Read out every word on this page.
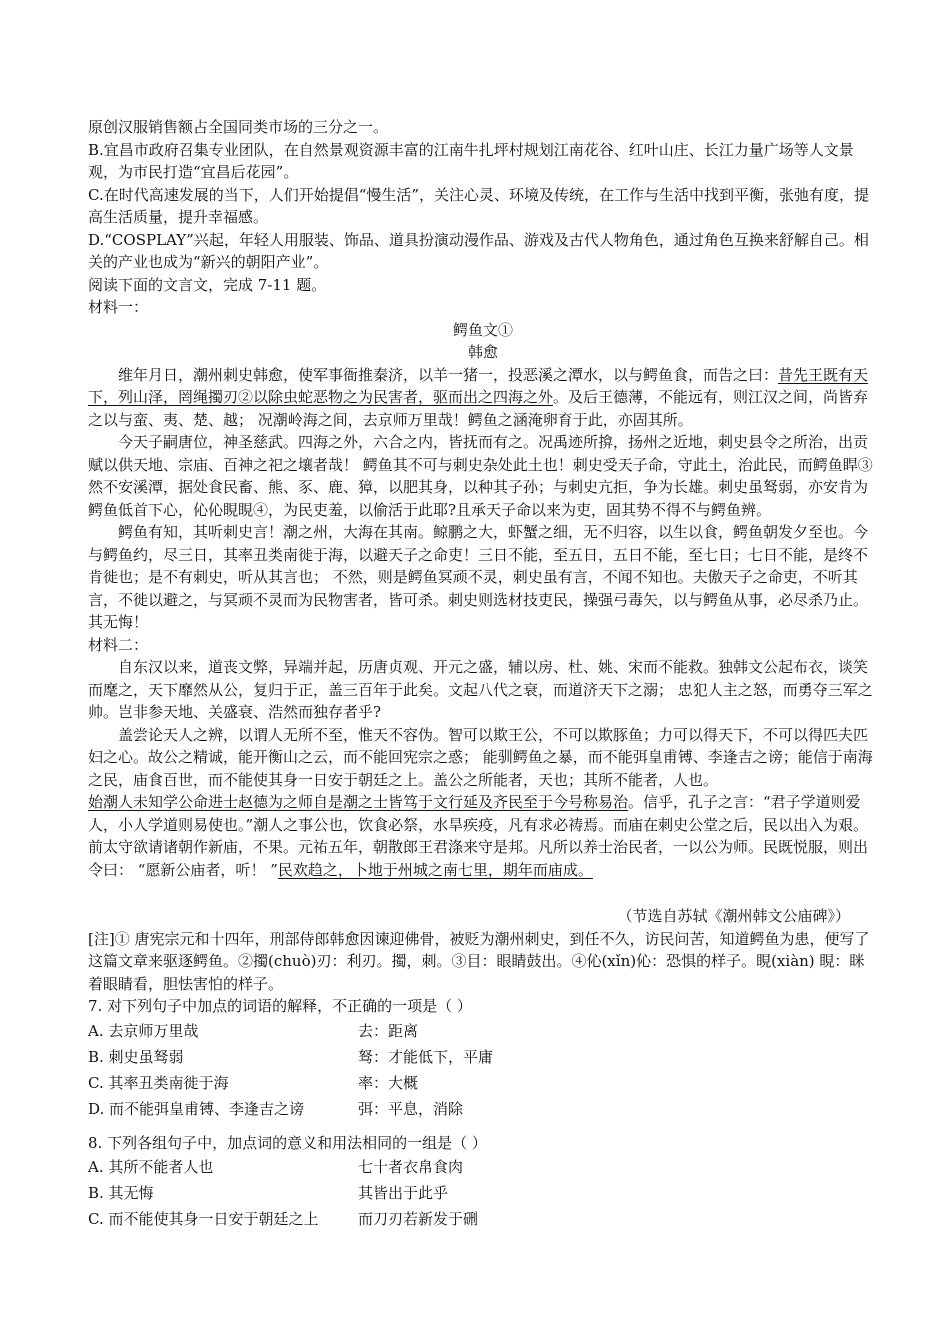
原创汉服销售额占全国同类市场的三分之一。

B.宜昌市政府召集专业团队，在自然景观资源丰富的江南牛扎坪村规划江南花谷、红叶山庄、长江力量广场等人文景观，为市民打造“宜昌后花园”。

C.在时代高速发展的当下，人们开始提倡“慢生活”，关注心灵、环境及传统，在工作与生活中找到平衡，张弛有度，提高生活质量，提升幸福感。

D.“COSPLAY”兴起，年轻人用服装、饰品、道具扮演动漫作品、游戏及古代人物角色，通过角色互换来舒解自己。相关的产业也成为“新兴的朝阳产业”。

阅读下面的文言文，完成 7-11 题。

材料一：

鳄鱼文①

韩愈

维年月日，潮州刺史韩愈，使军事衙推秦济，以羊一猪一，投恶溪之潭水，以与鳄鱼食，而告之曰：昔先王既有天下，列山泽，罔绳擉刃②以除虫蛇恶物之为民害者，驱而出之四海之外。及后王德薄，不能远有，则江汉之间，尚皆弃之以与蛮、夷、楚、越； 况潮岭海之间，去京师万里哉！鳄鱼之涵淹卵育于此，亦固其所。

今天子嗣唐位，神圣慈武。四海之外，六合之内，皆抚而有之。况禹迹所揜，扬州之近地，刺史县令之所治，出贡赋以供天地、宗庙、百神之祀之壤者哉！ 鳄鱼其不可与刺史杂处此土也！刺史受天子命，守此土，治此民，而鳄鱼睅③然不安溪潭，据处食民畜、熊、豕、鹿、獐，以肥其身，以种其子孙；与刺史亢拒，争为长雄。刺史虽驽弱，亦安肯为鳄鱼低首下心，伈伈睍睍④，为民吏羞，以偷活于此耶?且承天子命以来为吏，固其势不得不与鳄鱼辨。

鳄鱼有知，其听刺史言！潮之州，大海在其南。鲸鹏之大，虾蟹之细，无不归容，以生以食，鳄鱼朝发夕至也。今与鳄鱼约，尽三日，其率丑类南徙于海，以避天子之命吏！三日不能，至五日，五日不能，至七日；七日不能，是终不肯徙也；是不有刺史，听从其言也； 不然，则是鳄鱼冥顽不灵，刺史虽有言，不闻不知也。夫傲天子之命吏，不听其言，不徙以避之，与冥顽不灵而为民物害者，皆可杀。刺史则选材技吏民，操强弓毒矢，以与鳄鱼从事，必尽杀乃止。其无悔！

材料二：

自东汉以来，道丧文弊，异端并起，历唐贞观、开元之盛，辅以房、杜、姚、宋而不能救。独韩文公起布衣，谈笑而麾之，天下靡然从公，复归于正，盖三百年于此矣。文起八代之衰，而道济天下之溺； 忠犯人主之怒，而勇夺三军之帅。岂非参天地、关盛衰、浩然而独存者乎?

盖尝论天人之辨，以谓人无所不至，惟天不容伪。智可以欺王公，不可以欺豚鱼；力可以得天下，不可以得匹夫匹妇之心。故公之精诚，能开衡山之云，而不能回宪宗之惑； 能驯鳄鱼之暴，而不能弭皇甫镈、李逢吉之谤；能信于南海之民，庙食百世，而不能使其身一日安于朝廷之上。盖公之所能者，天也；其所不能者，人也。

始潮人未知学公命进士赵德为之师自是潮之士皆笃于文行延及齐民至于今号称易治。信乎，孔子之言：“君子学道则爱人，小人学道则易使也。”潮人之事公也，饮食必祭，水旱疾疫，凡有求必祷焉。而庙在刺史公堂之后，民以出入为艰。前太守欲请诸朝作新庙，不果。元祐五年，朝散郎王君涤来守是邦。凡所以养士治民者，一以公为师。民既悦服，则出令曰： “愿新公庙者，听！ ”民欢趋之，卜地于州城之南七里，期年而庙成。

（节选自苏轼《潮州韩文公庙碑》）

[注]① 唐宪宗元和十四年，刑部侍郎韩愈因谏迎佛骨，被贬为潮州刺史，到任不久，访民问苦，知道鳄鱼为患，便写了这篇文章来驱逐鳄鱼。②擉(chuò)刃：利刃。擉，刺。③目：眼睛鼓出。④伈(xǐn)伈：恐惧的样子。睍(xiàn) 睍：眯着眼睛看，胆怯害怕的样子。

7. 对下列句子中加点的词语的解释，不正确的一项是（ ）

A. 去京师万里哉	去：距离
B. 刺史虽驽弱	驽：才能低下，平庸
C. 其率丑类南徙于海	率：大概
D. 而不能弭皇甫镈、李逢吉之谤	弭：平息，消除

8. 下列各组句子中，加点词的意义和用法相同的一组是（ ）

A. 其所不能者人也	七十者衣帛食肉
B. 其无悔	其皆出于此乎
C. 而不能使其身一日安于朝廷之上	而刀刃若新发于硎
